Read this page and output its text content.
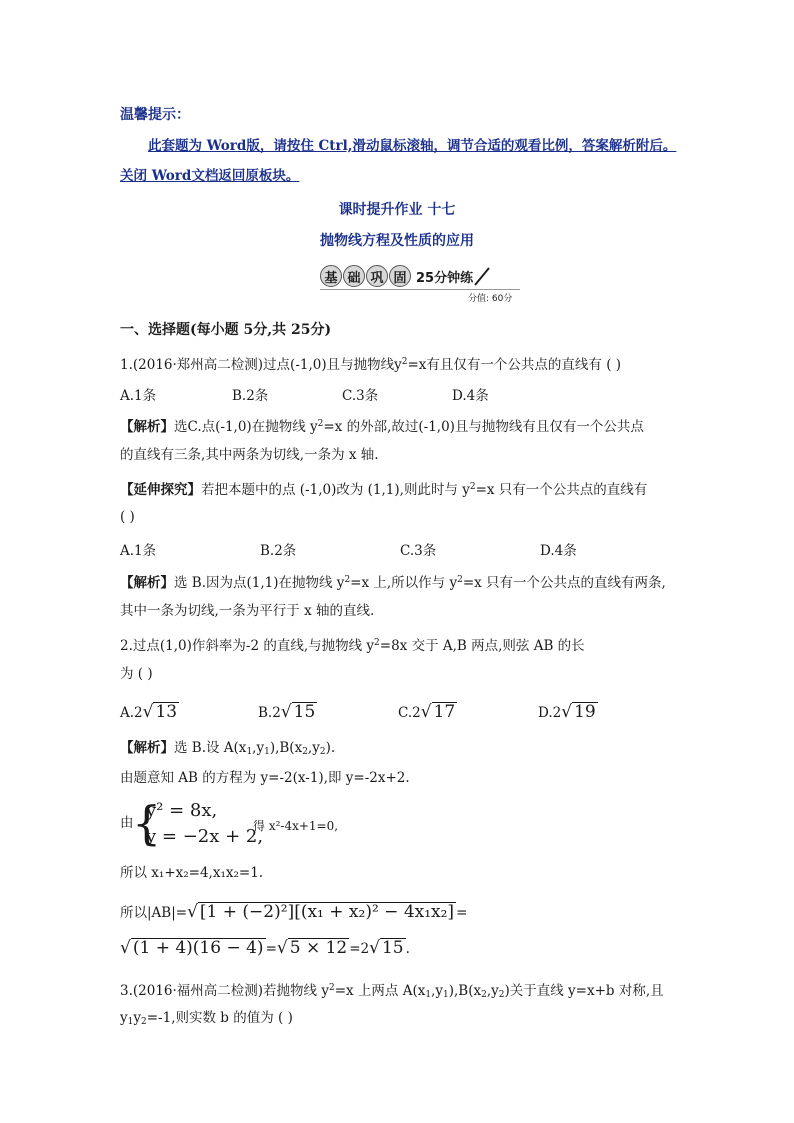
温馨提示：
此套题为 Word版，请按住 Ctrl,滑动鼠标滚轴，调节合适的观看比例，答案解析附后。
关闭 Word文档返回原板块。
课时提升作业 十七
抛物线方程及性质的应用
基 础 巩 固 25分钟练
分值: 60分
一、选择题(每小题 5分,共 25分)
1.(2016·郑州高二检测)过点(-1,0)且与抛物线$y^2=x$有且仅有一个公共点的直线有 ( )
A.1条	B.2条	C.3条	D.4条
【解析】选C.点(-1,0)在抛物线 $y^2=x$ 的外部,故过(-1,0)且与抛物线有且仅有一个公共点
的直线有三条,其中两条为切线,一条为 x 轴.
【延伸探究】若把本题中的点 (-1,0)改为 (1,1),则此时与 $y^2=x$ 只有一个公共点的直线有
( )
A.1条	B.2条	C.3条	D.4条
【解析】选 B.因为点(1,1)在抛物线 $y^2=x$ 上,所以作与 $y^2=x$ 只有一个公共点的直线有两条,
其中一条为切线,一条为平行于 x 轴的直线.
2.过点(1,0)作斜率为-2 的直线,与抛物线 $y^2=8x$ 交于 A,B 两点,则弦 AB 的长
为 ( )
A.2√ 13	B.2√ 15	C.2√ 17	D.2√ 19
【解析】选 B.设 $A(x_1,y_1),B(x_2,y_2)$.
由题意知 AB 的方程为 y=-2(x-1),即 y=-2x+2.
由
{
y² = 8x,
y = −2x + 2,
得 x²-4x+1=0,
所以 x₁+x₂=4,x₁x₂=1.
所以|AB|=√ [1 + (−2)²][(x₁ + x₂)² − 4x₁x₂] =
√ (1 + 4)(16 − 4) =√ 5 × 12 =2√ 15 .
3.(2016·福州高二检测)若抛物线 $y^2=x$ 上两点 $A(x_1,y_1),B(x_2,y_2)$关于直线 y=x+b 对称,且
$y_1y_2=-1$,则实数 b 的值为 ( )
